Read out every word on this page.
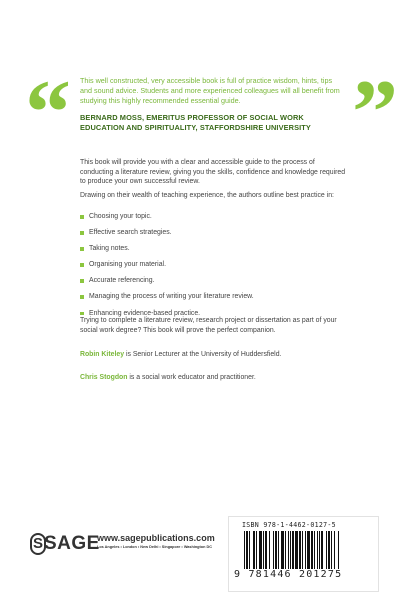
“ This well constructed, very accessible book is full of practice wisdom, hints, tips and sound advice. Students and more experienced colleagues will all benefit from studying this highly recommended essential guide.	”
BERNARD MOSS, EMERITUS PROFESSOR OF SOCIAL WORK EDUCATION AND SPIRITUALITY, STAFFORDSHIRE UNIVERSITY
This book will provide you with a clear and accessible guide to the process of conducting a literature review, giving you the skills, confidence and knowledge required to produce your own successful review.
Drawing on their wealth of teaching experience, the authors outline best practice in:
Choosing your topic.
Effective search strategies.
Taking notes.
Organising your material.
Accurate referencing.
Managing the process of writing your literature review.
Enhancing evidence-based practice.
Trying to complete a literature review, research project or dissertation as part of your social work degree? This book will prove the perfect companion.
Robin Kiteley is Senior Lecturer at the University of Huddersfield.
Chris Stogdon is a social work educator and practitioner.
S SAGE
www.sagepublications.com
Los Angeles • London • New Delhi • Singapore • Washington DC
ISBN 978-1-4462-0127-5
9 781446 201275
